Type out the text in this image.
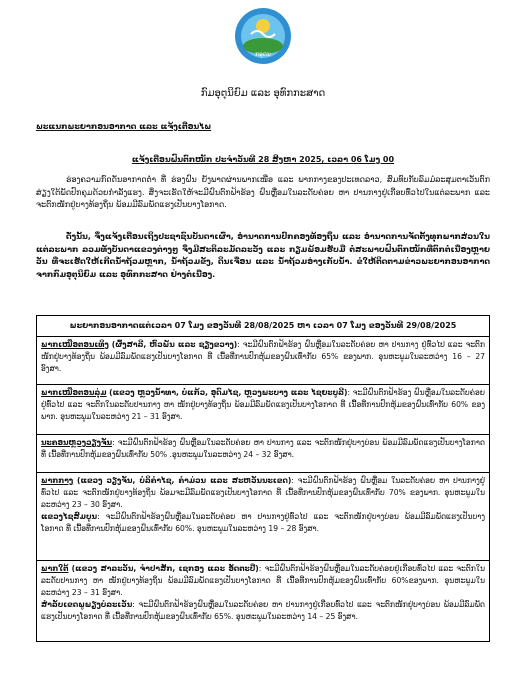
ກອຸດນ
ກົມອຸຕຸນິຍົມ ແລະ ອຸທົກກະສາດ
ພະແນກພະຍາກອນອາກາດ ແລະ ແຈ້ງເຕືອນໄພ
ແຈ້ງເຕືອນຝົນຕົກໜັກ ປະຈໍາວັນທີ 28 ສິງຫາ 2025, ເວລາ 06 ໂມງ 00
ຮ່ອງຄວາມກົດດັນອາກາດຕໍ່າ ທີ່ ຮ່ອງຝົນ ຍັງພາດຜ່ານພາກເໜືອ ແລະ ພາກກາງຂອງປະເທດລາວ, ສົມທົບກັບລົມມໍລະສຸມຕາເວັນຕົກສ່ຽງໃຕ້ພັດປົກຄຸມດ້ວຍກໍາລັງແຮງ. ສິ່ງຈະເຮັດໃຫ້ຈະມີຝົນຕົກຟ້າຮ້ອງ ຝົນຫຼື່ອມໃນລະດັບຄ່ອຍ ຫາ ປານກາງຢູ່ເກືອບທົ່ວໄປໃນແຕ່ລະພາກ ແລະ ຈະຕົກໜັກຢູ່ບາງທ້ອງຖິ່ນ ພ້ອມມີລົມພັດແຮງເປັນບາງໂອກາດ.
ດັ່ງນັ້ນ, ຈຶ່ງແຈ້ງເຕືອນເຖິງປະຊາຊົນບັນດາເຜົ່າ, ອໍານາດການປົກຄອງທ້ອງຖິ່ນ ແລະ ອໍານາດການຈັດຕັ້ງທຸກພາກສ່ວນໃນແຕ່ລະພາກ ລວມທັງບັນດາແຂວງຕ່າງໆ ຈຶ່ງມີສະຕິລະມັດລະວັງ ແລະ ກຽມພ້ອມຮັບມື ຕໍ່ສະພາບຝົນຕົກໜັກທີ່ຕົກຕໍ່ເນື່ອງຫຼາຍວັນ ທີ່ຈະເຮັດໃຫ້ເກີດນໍ້າຖ້ວມຫຼາກ, ນໍ້າຖ້ວມຂັງ, ດິນເຈື່ອນ ແລະ ນໍ້າຖ້ວມອ່າງເກັບນໍ້າ. ຂໍໃຫ້ຕິດຕາມຂ່າວພະຍາກອນອາກາດຈາກກົມອຸຕຸນິຍົມ ແລະ ອຸທົກກະສາດ ຢ່າງຕໍ່ເນື່ອງ.
ພະຍາກອນອາກາດແຕ່ເວລາ 07 ໂມງ ຂອງວັນທີ 28/08/2025 ຫາ ເວລາ 07 ໂມງ ຂອງວັນທີ 29/08/2025
ພາກເໜືອຕອນເທິງ (ຜົ້ງສາລີ, ຫົວພັນ ແລະ ຊຽງຂວາງ): ຈະມີຝົນຕົກຟ້າຮ້ອງ ຝົນຫຼື່ອມໃນລະດັບຄ່ອຍ ຫາ ປານກາງ ຢູ່ທົ່ວໄປ ແລະ ຈະຕົກໜັກຢູ່ບາງທ້ອງຖິ່ນ ພ້ອມມີລົມພັດແຮງເປັນບາງໂອກາດ ທີ່ ເນື້ອທີ່ການປົກຫຸ້ມຂອງຝົນເທົ່າກັບ 65% ຂອງພາກ. ອຸນຫະພູມໃນລະຫວ່າງ 16 – 27 ອົງສາ.
ພາກເໜືອຕອນລຸ່ມ (ແຂວງ ຫຼວງນໍ້າທາ, ບໍ່ແກ້ວ, ອຸດົມໄຊ, ຫຼວງພະບາງ ແລະ ໄຊຍະບູລີ): ຈະມີຝົນຕົກຟ້າຮ້ອງ ຝົນຫຼື່ອມໃນລະດັບຄ່ອຍຢູ່ທົ່ວໄປ ແລະ ຈະຕົກໃນລະດັບປານກາງ ຫາ ໜັກຢູ່ບາງທ້ອງຖິ່ນ ພ້ອມມີລົມພັດແຮງເປັນບາງໂອກາດ ທີ່ ເນື້ອທີ່ການປົກຫຸ້ມຂອງຝົນເທົ່າກັບ 60% ຂອງພາກ. ອຸນຫະພູມໃນລະຫວ່າງ 21 – 31 ອົງສາ.
ນະຄອນຫຼວງວຽງຈັນ: ຈະມີຝົນຕົກຟ້າຮ້ອງ ຝົນຫຼື່ອມໃນລະດັບຄ່ອຍ ຫາ ປານກາງ ແລະ ຈະຕົກໜັກຢູ່ບາງບ່ອນ ພ້ອມມີລົມພັດແຮງເປັນບາງໂອກາດ ທີ່ ເນື້ອທີ່ການປົກຫຸ້ມຂອງຝົນເທົ່າກັບ 50% .ອຸນຫະພູມໃນລະຫວ່າງ 24 – 32 ອົງສາ.
ພາກກາງ (ແຂວງ ວຽງຈັນ, ບໍລິຄໍາໄຊ, ຄໍາມ່ວນ ແລະ ສະຫວັນນະເຂດ): ຈະມີຝົນຕົກຟ້າຮ້ອງ ຝົນຫຼື່ອມ ໃນລະດັບຄ່ອຍ ຫາ ປານກາງຢູ່ທົ່ວໄປ ແລະ ຈະຕົກໜັກຢູ່ບາງທ້ອງຖິ່ນ ພ້ອມຈະມີລົມພັດແຮງເປັນບາງໂອກາດ ທີ່ ເນື້ອທີ່ການປົກຫຸ້ມຂອງຝົນເທົ່າກັບ 70% ຂອງພາກ. ອຸນຫະພູມໃນລະຫວ່າງ 23 – 30 ອົງສາ.
ແຂວງໄຊສົມບູນ: ຈະມີຝົນຕົກຟ້າຮ້ອງຝົນຫຼື່ອມໃນລະດັບຄ່ອຍ ຫາ ປານກາງຢູ່ທົ່ວໄປ ແລະ ຈະຕົກໜັກຢູ່ບາງບ່ອນ ພ້ອມມີລົມພັດແຮງເປັນບາງໂອກາດ ທີ່ ເນື້ອທີ່ການປົກຫຸ້ມຂອງຝົນເທົ່າກັບ 60%. ອຸນຫະພູມໃນລະຫວ່າງ 19 – 28 ອົງສາ.
ພາກໃຕ້ (ແຂວງ ສາລະວັນ, ຈໍາປາສັກ, ເຊກອງ ແລະ ອັດຕະປື): ຈະມີຝົນຕົກຟ້າຮ້ອງຝົນຫຼື່ອມໃນລະດັບຄ່ອຍຢູ່ເກືອບທົ່ວໄປ ແລະ ຈະຕົກໃນລະດັບປານກາງ ຫາ ໜັກຢູ່ບາງທ້ອງຖິ່ນ ພ້ອມມີລົມພັດແຮງເປັນບາງໂອກາດ ທີ່ ເນື້ອທີ່ການປົກຫຸ້ມຂອງຝົນເທົ່າກັບ 60%ຂອງພາກ. ອຸນຫະພູມໃນລະຫວ່າງ 23 – 31 ອົງສາ.
ສໍາລັບເຂດພູພຽງບໍລະເວັນ: ຈະມີຝົນຕົກຟ້າຮ້ອງຝົນຫຼື່ອມໃນລະດັບຄ່ອຍ ຫາ ປານກາງຢູ່ເກືອບທົ່ວໄປ ແລະ ຈະຕົກໜັກຢູ່ບາງບ່ອນ ພ້ອມມີລົມພັດແຮງເປັນບາງໂອກາດ ທີ່ ເນື້ອທີ່ການປົກຫຸ້ມຂອງຝົນເທົ່າກັບ 65%. ອຸນຫະພູມໃນລະຫວ່າງ 14 – 25 ອົງສາ.
